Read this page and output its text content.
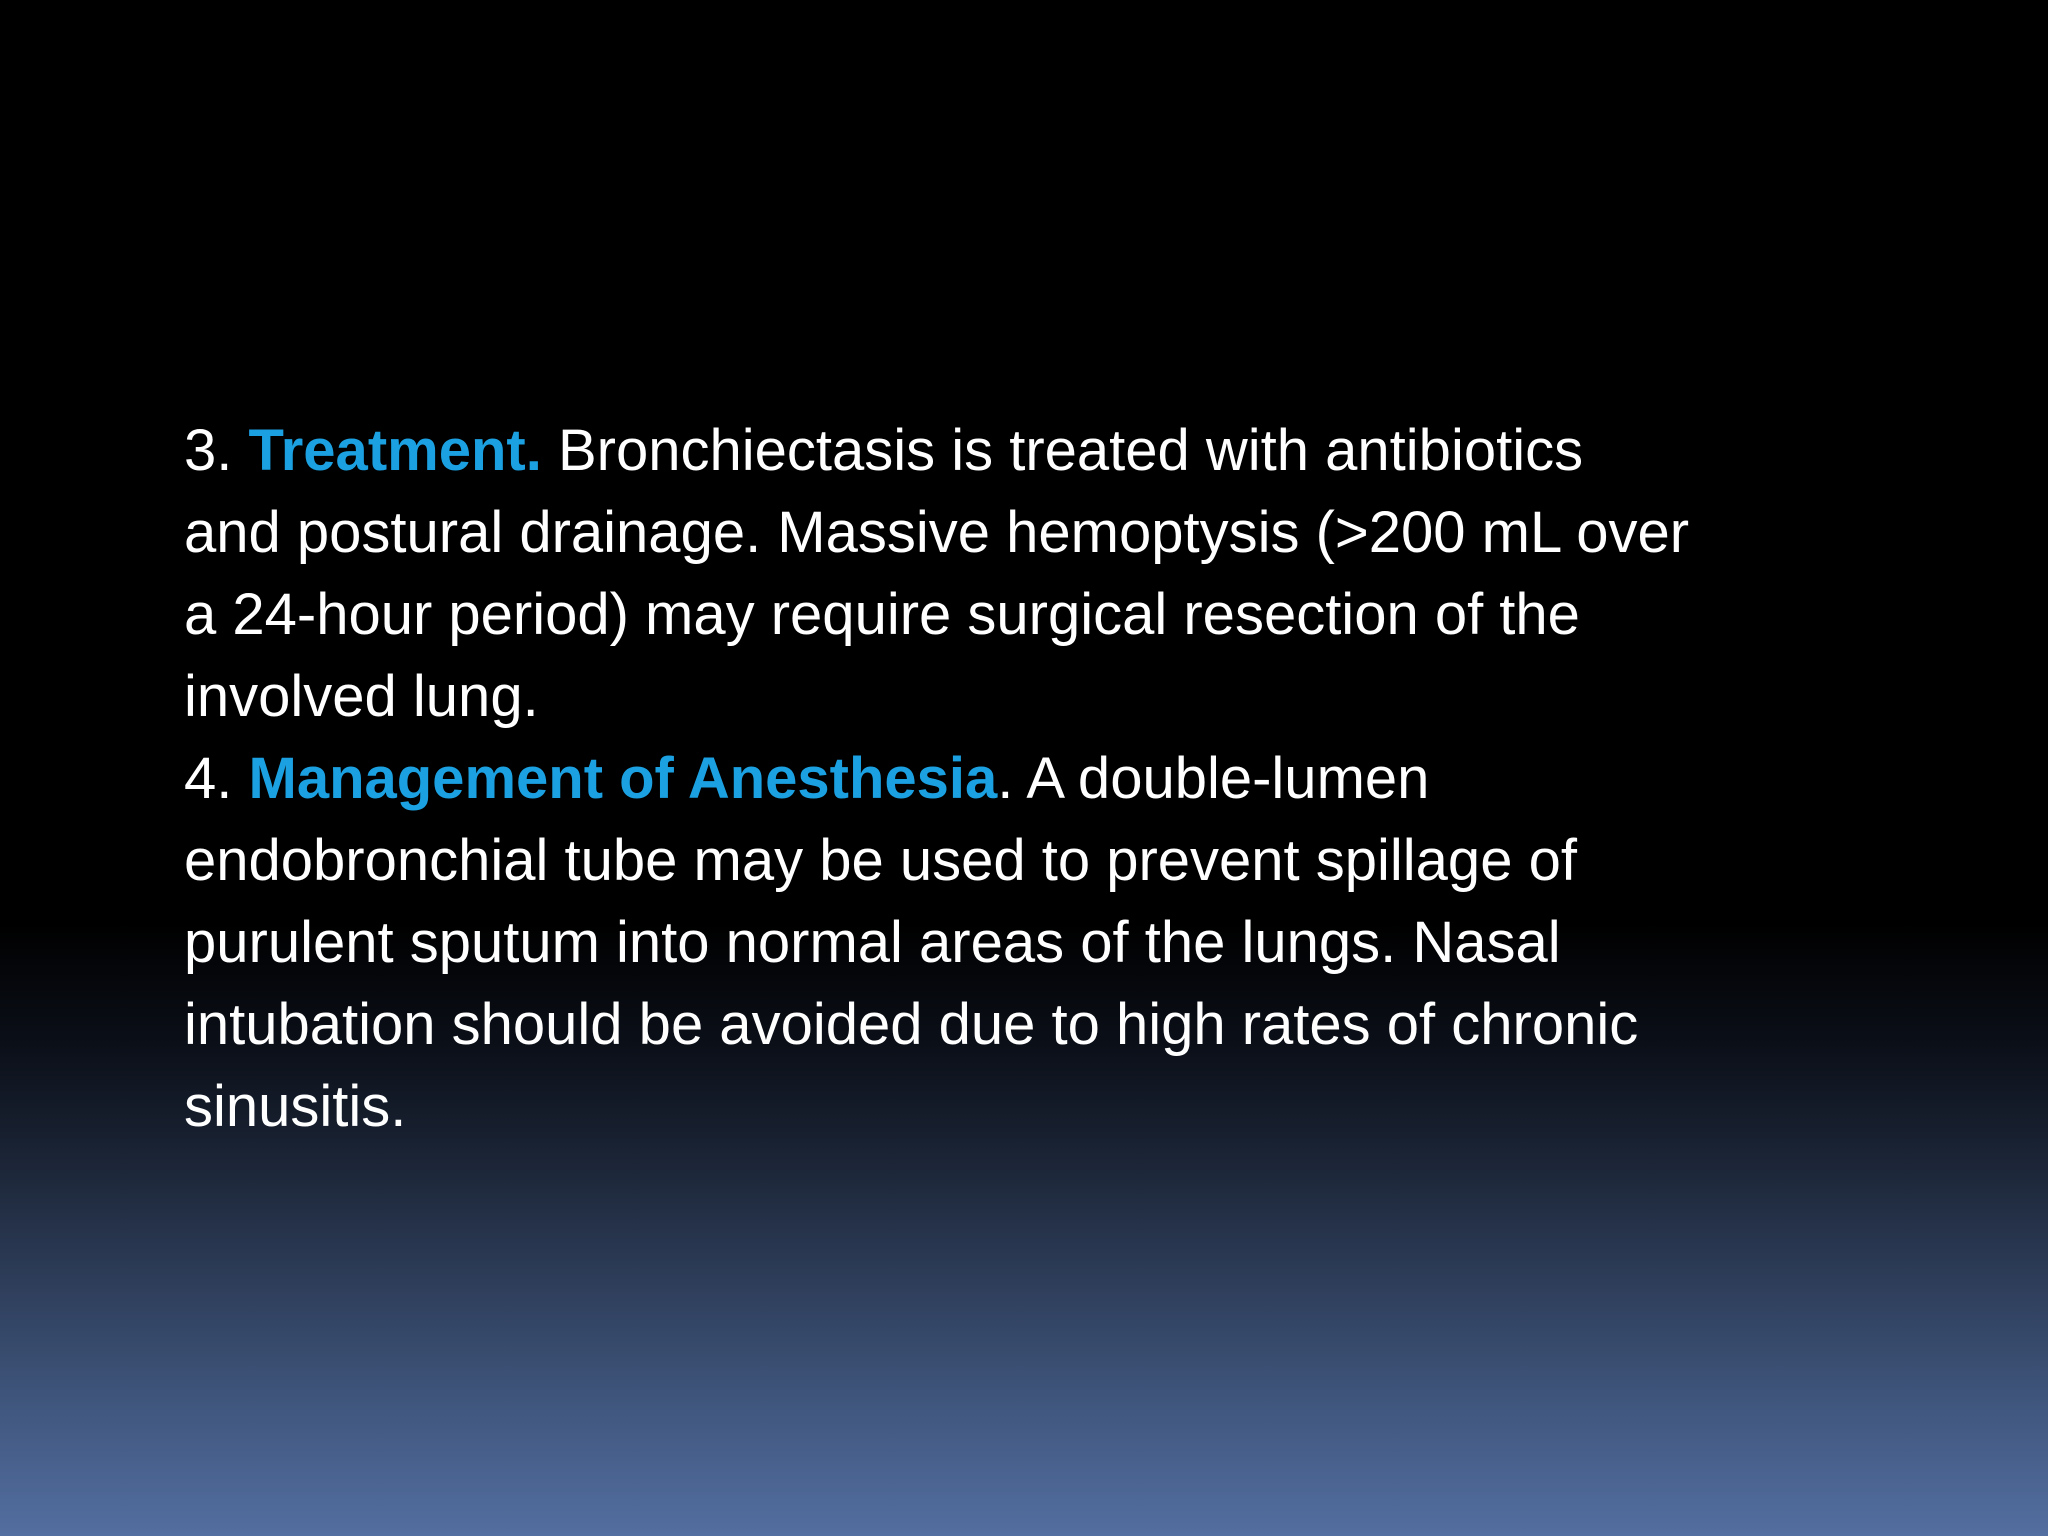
3. Treatment. Bronchiectasis is treated with antibiotics
and postural drainage. Massive hemoptysis (>200 mL over
a 24-hour period) may require surgical resection of the
involved lung.
4. Management of Anesthesia. A double-lumen
endobronchial tube may be used to prevent spillage of
purulent sputum into normal areas of the lungs. Nasal
intubation should be avoided due to high rates of chronic
sinusitis.
